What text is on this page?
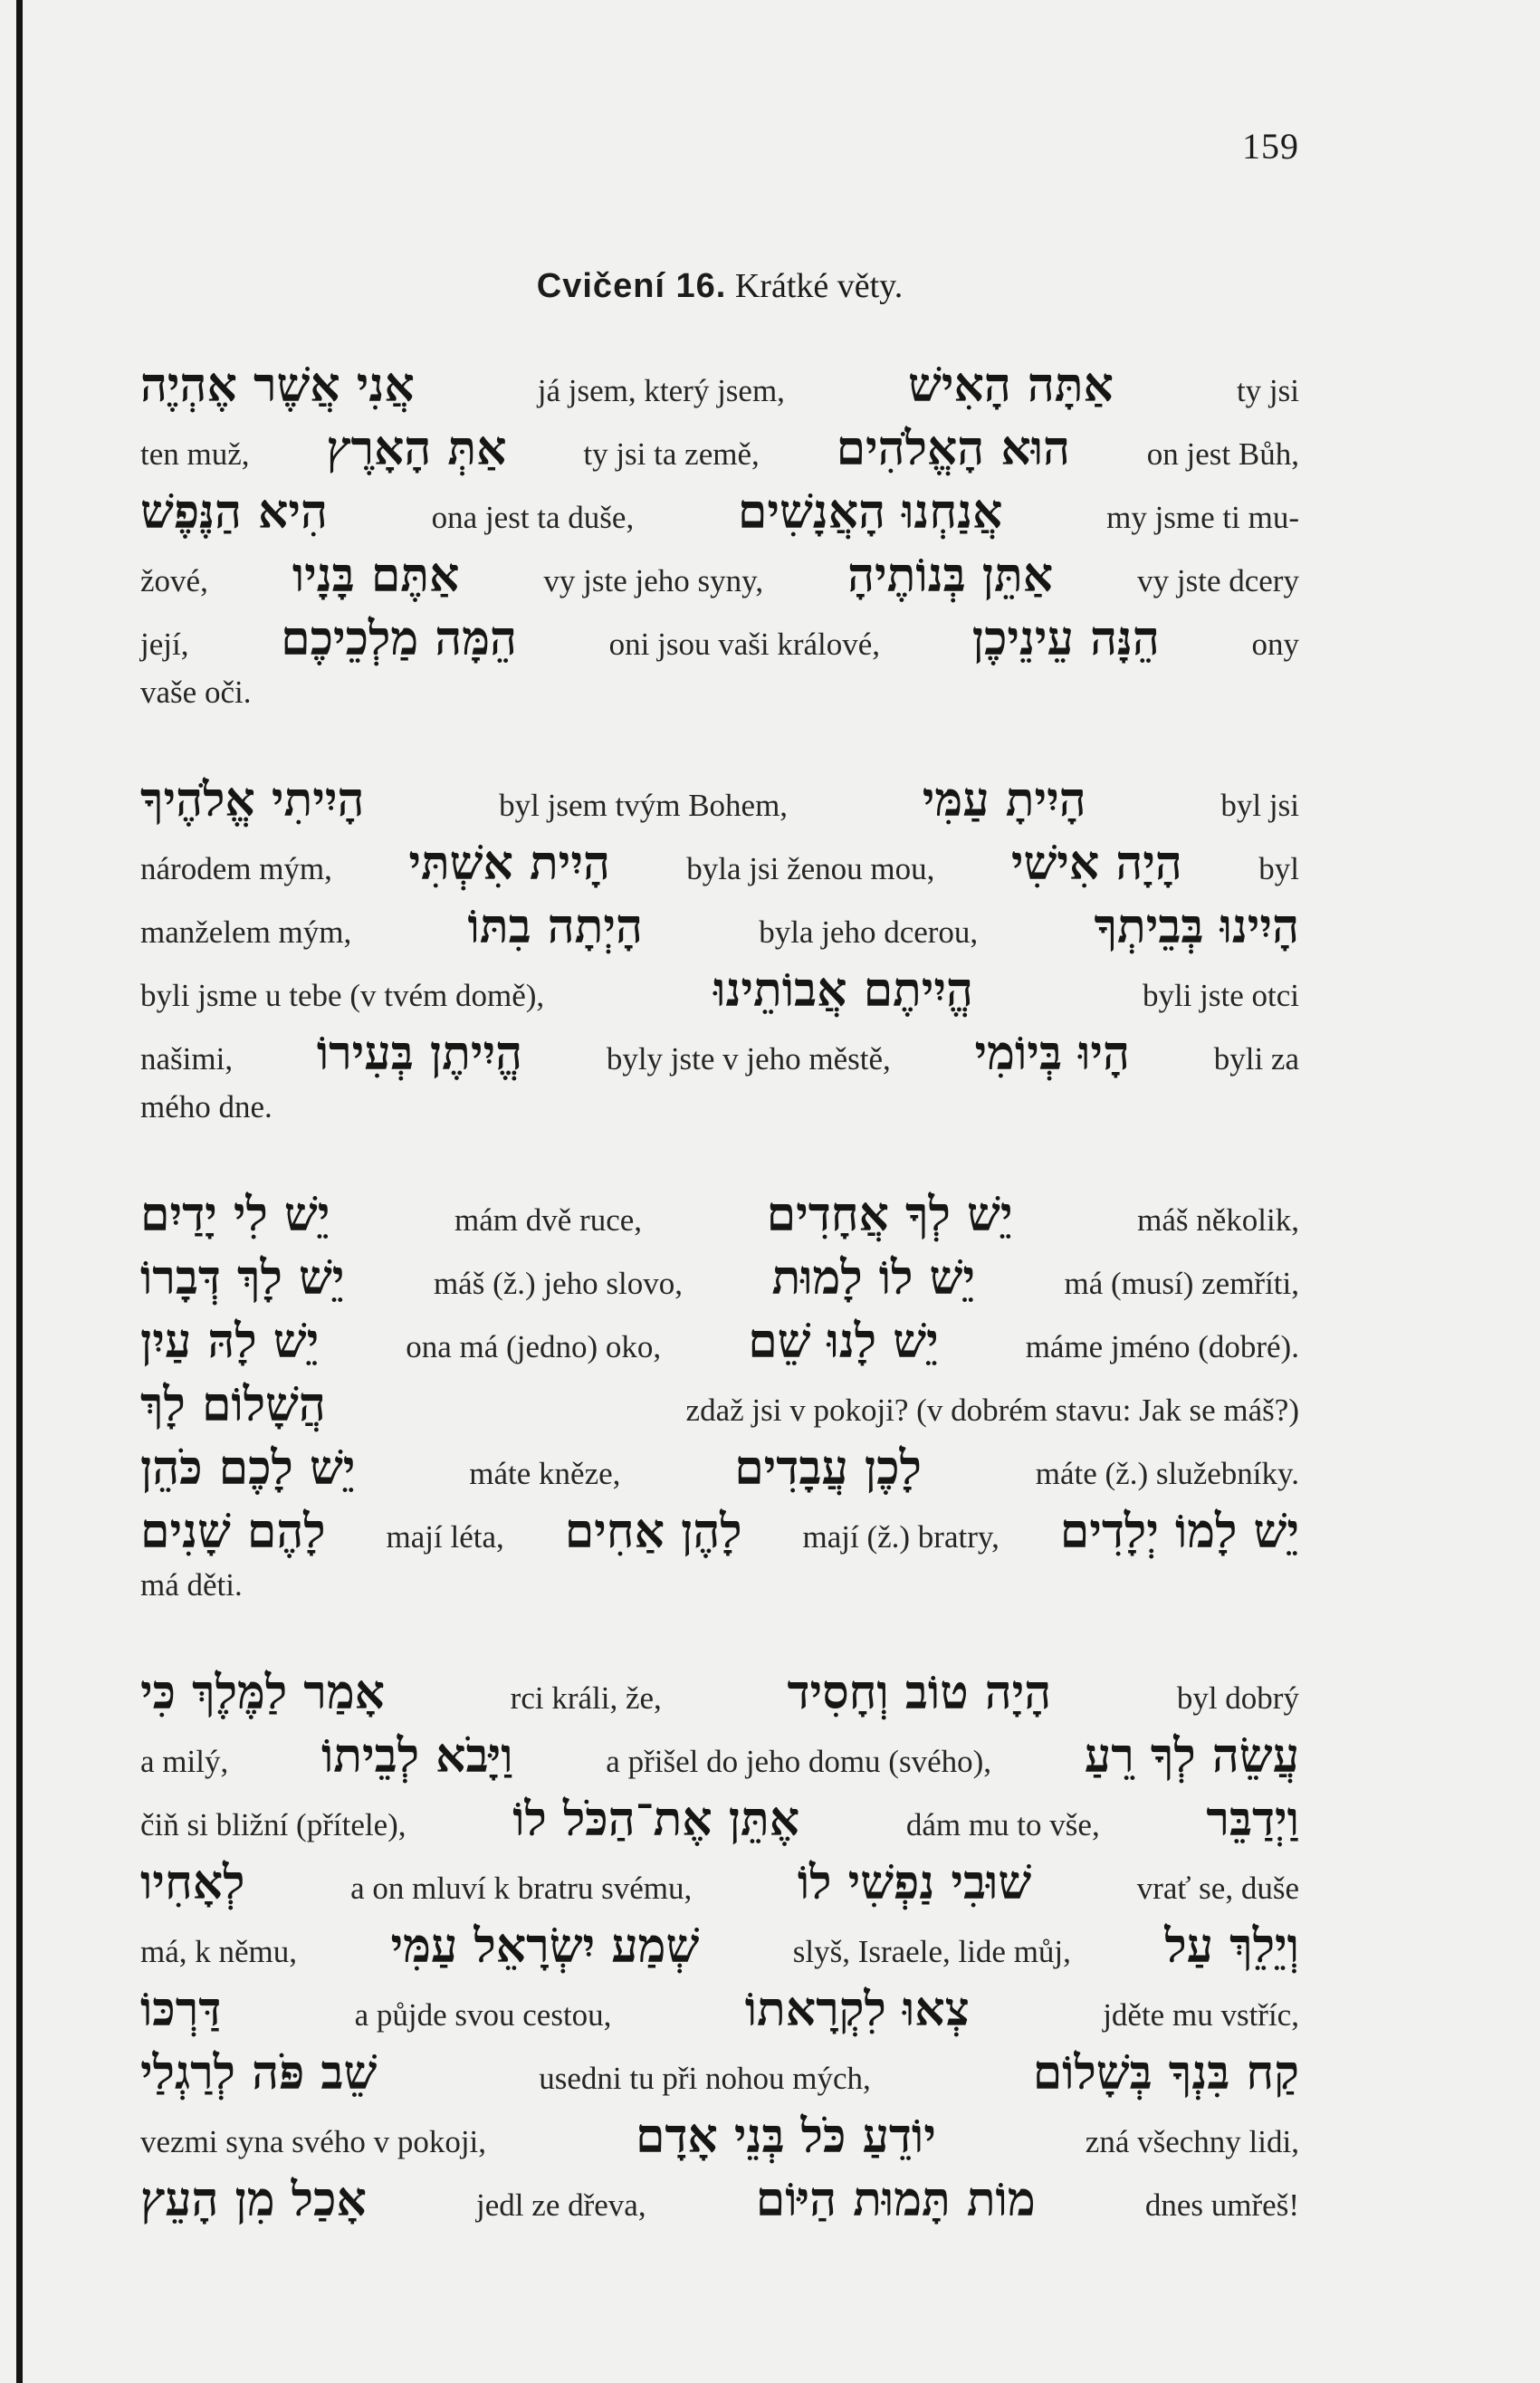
159
Cvičení 16. Krátké věty.
אֲנִי אֲשֶׁר אֶהְיֶה	já jsem, který jsem,	אַתָּה הָאִישׁ	ty jsi
ten muž, אַתְּ הָאָרֶץ ty jsi ta země, הוּא הָאֱלֹהִים on jest Bůh,
הִיא הַנֶּפֶשׁ	ona jest ta duše, אֲנַחְנוּ הָאֲנָשִׁים	my jsme ti mu-
žové, אַתֶּם בָּנָיו	vy jste jeho syny, אַתֵּן בְּנוֹתֶיהָ	vy jste dcery
její, הֵמָּה מַלְכֵיכֶם	oni jsou vaši králové, הֵנָּה עֵינֵיכֶן	ony
vaše oči.
הָיִיתִי אֱלֹהֶיךָ	byl jsem tvým Bohem,	הָיִיתָ עַמִּי	byl jsi
národem mým, הָיִית אִשְׁתִּי byla jsi ženou mou, הָיָה אִישִׁי byl
manželem mým, הָיְתָה בִתּוֹ	byla jeho dcerou, הָיִינוּ בְּבֵיתְךָ
byli jsme u tebe (v tvém domě),	הֱיִיתֶם אֲבוֹתֵינוּ	byli jste otci
našimi, הֱיִיתֶן בְּעִירוֹ	byly jste v jeho městě, הָיוּ בְּיוֹמִי	byli za
mého dne.
יֵשׁ לִי יָדַיִם	mám dvě ruce,	יֵשׁ לְךָ אֲחָדִים	máš několik,
יֵשׁ לָךְ דְּבָרוֹ	máš (ž.) jeho slovo, יֵשׁ לוֹ לָמוּת	má (musí) zemříti,
יֵשׁ לָהּ עַיִן	ona má (jedno) oko, יֵשׁ לָנוּ שֵׁם	máme jméno (dobré).
הֲשָׁלוֹם לָךְ	zdaž jsi v pokoji? (v dobrém stavu: Jak se máš?)
יֵשׁ לָכֶם כֹּהֵן	máte kněze, לָכֶן עֲבָדִים	máte (ž.) služebníky.
לָהֶם שָׁנִים mají léta, לָהֶן אַחִים mají (ž.) bratry, יֵשׁ לָמוֹ יְלָדִים
má děti.
אָמַר לַמֶּלֶךְ כִּי	rci králi, že,	הָיָה טוֹב וְחָסִיד	byl dobrý
a milý, וַיָּבֹא לְבֵיתוֹ	a přišel do jeho domu (svého), עֲשֵׂה לְךָ רֵעַ
čiň si bližní (přítele), אֶתֵּן אֶת־הַכֹּל לוֹ	dám mu to vše, וַיְדַבֵּר
לְאָחִיו	a on mluví k bratru svému, שׁוּבִי נַפְשִׁי לוֹ	vrať se, duše
má, k němu, שְׁמַע יִשְׂרָאֵל עַמִּי	slyš, Israele, lide můj, וְיֵלֵךְ עַל
דַּרְכּוֹ	a půjde svou cestou,	צְאוּ לִקְרָאתוֹ	jděte mu vstříc,
שֵׁב פֹּה לְרַגְלַי	usedni tu při nohou mých,	קַח בִּנְךָ בְּשָׁלוֹם
vezmi syna svého v pokoji,	יוֹדֵעַ כֹּל בְּנֵי אָדָם	zná všechny lidi,
אָכַל מִן הָעֵץ	jedl ze dřeva, מוֹת תָּמוּת הַיּוֹם	dnes umřeš!
